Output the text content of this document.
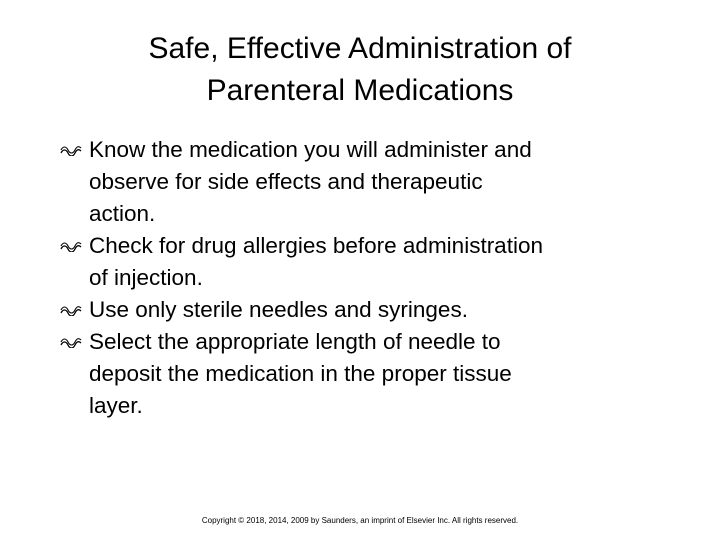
Safe, Effective Administration of
Parenteral Medications
Know the medication you will administer and
observe for side effects and therapeutic
action.
Check for drug allergies before administration
of injection.
Use only sterile needles and syringes.
Select the appropriate length of needle to
deposit the medication in the proper tissue
layer.
Copyright © 2018, 2014, 2009 by Saunders, an imprint of Elsevier Inc. All rights reserved.
